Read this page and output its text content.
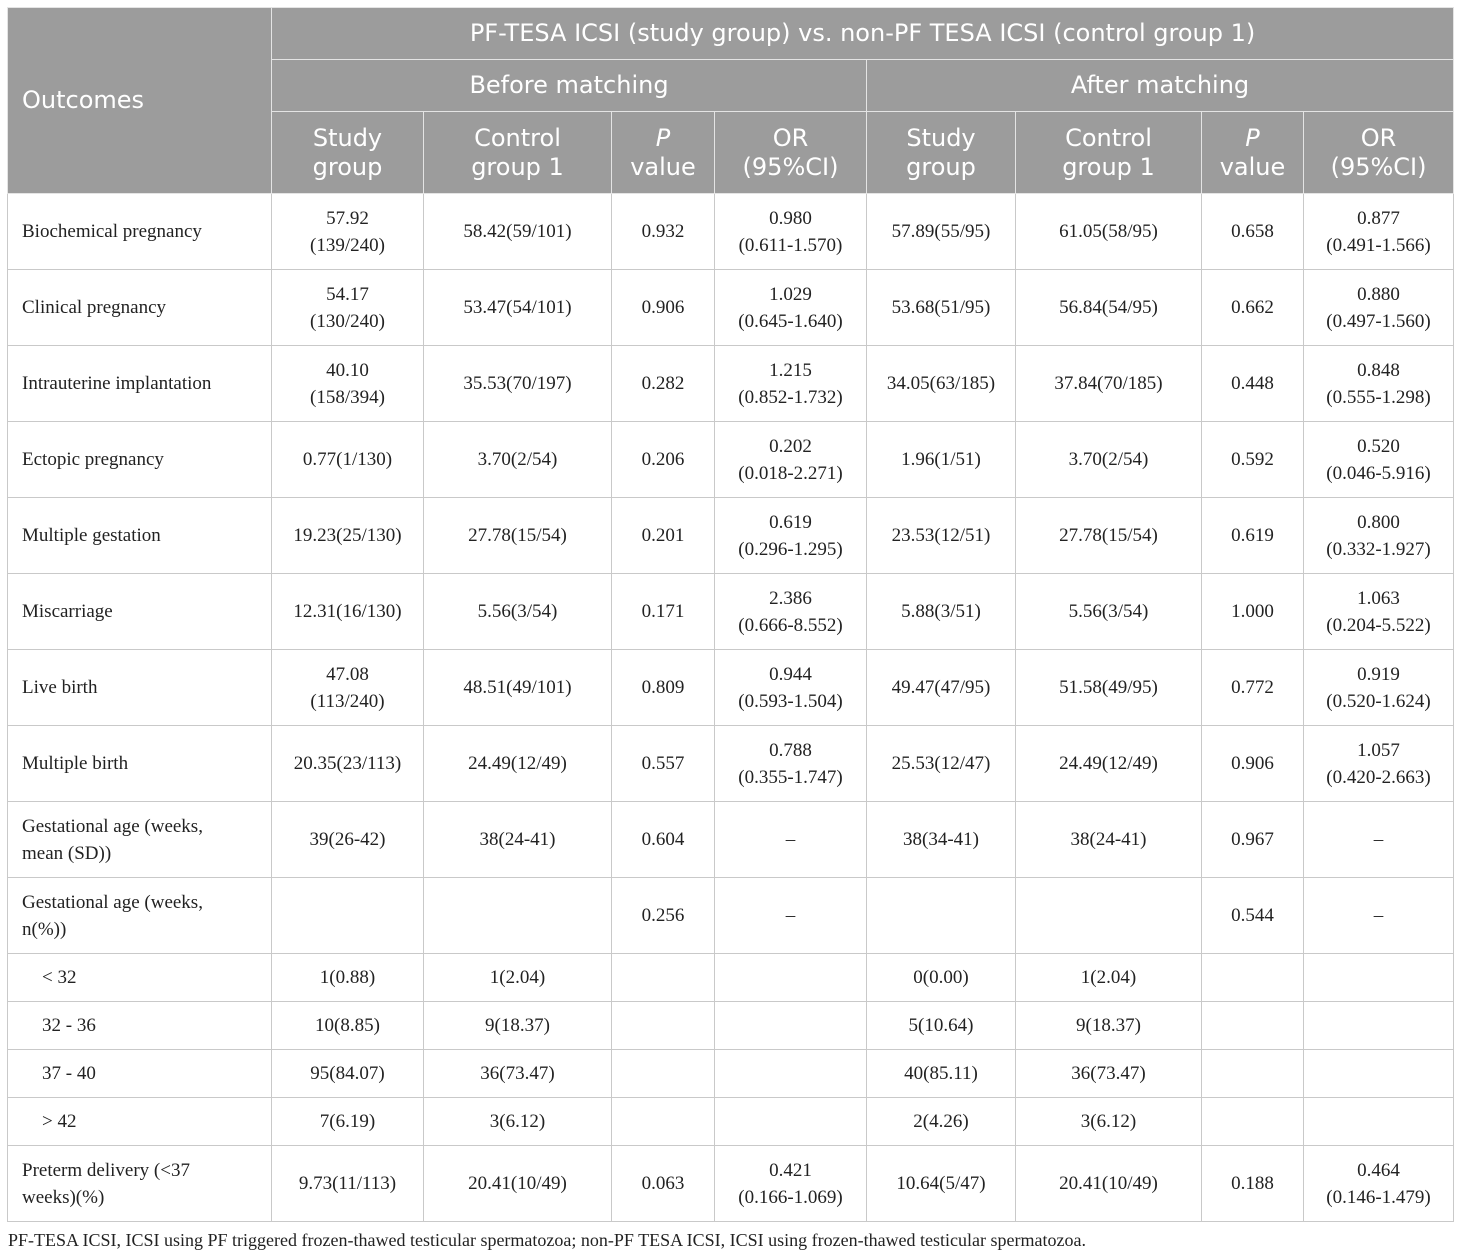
Outcomes	PF-TESA ICSI (study group) vs. non-PF TESA ICSI (control group 1)							
	Before matching				After matching			
	Study
group	Control
group 1	P
value	OR
(95%CI)	Study
group	Control
group 1	P
value	OR
(95%CI)
Biochemical pregnancy	57.92
(139/240)	58.42(59/101)	0.932	0.980
(0.611-1.570)	57.89(55/95)	61.05(58/95)	0.658	0.877
(0.491-1.566)
Clinical pregnancy	54.17
(130/240)	53.47(54/101)	0.906	1.029
(0.645-1.640)	53.68(51/95)	56.84(54/95)	0.662	0.880
(0.497-1.560)
Intrauterine implantation	40.10
(158/394)	35.53(70/197)	0.282	1.215
(0.852-1.732)	34.05(63/185)	37.84(70/185)	0.448	0.848
(0.555-1.298)
Ectopic pregnancy	0.77(1/130)	3.70(2/54)	0.206	0.202
(0.018-2.271)	1.96(1/51)	3.70(2/54)	0.592	0.520
(0.046-5.916)
Multiple gestation	19.23(25/130)	27.78(15/54)	0.201	0.619
(0.296-1.295)	23.53(12/51)	27.78(15/54)	0.619	0.800
(0.332-1.927)
Miscarriage	12.31(16/130)	5.56(3/54)	0.171	2.386
(0.666-8.552)	5.88(3/51)	5.56(3/54)	1.000	1.063
(0.204-5.522)
Live birth	47.08
(113/240)	48.51(49/101)	0.809	0.944
(0.593-1.504)	49.47(47/95)	51.58(49/95)	0.772	0.919
(0.520-1.624)
Multiple birth	20.35(23/113)	24.49(12/49)	0.557	0.788
(0.355-1.747)	25.53(12/47)	24.49(12/49)	0.906	1.057
(0.420-2.663)
Gestational age (weeks,
mean (SD))	39(26-42)	38(24-41)	0.604	–	38(34-41)	38(24-41)	0.967	–
Gestational age (weeks,
n(%))			0.256	–			0.544	–
< 32	1(0.88)	1(2.04)			0(0.00)	1(2.04)		
32 - 36	10(8.85)	9(18.37)			5(10.64)	9(18.37)		
37 - 40	95(84.07)	36(73.47)			40(85.11)	36(73.47)		
> 42	7(6.19)	3(6.12)			2(4.26)	3(6.12)		
Preterm delivery (<37
weeks)(%)	9.73(11/113)	20.41(10/49)	0.063	0.421
(0.166-1.069)	10.64(5/47)	20.41(10/49)	0.188	0.464
(0.146-1.479)
PF-TESA ICSI, ICSI using PF triggered frozen-thawed testicular spermatozoa; non-PF TESA ICSI, ICSI using frozen-thawed testicular spermatozoa.
